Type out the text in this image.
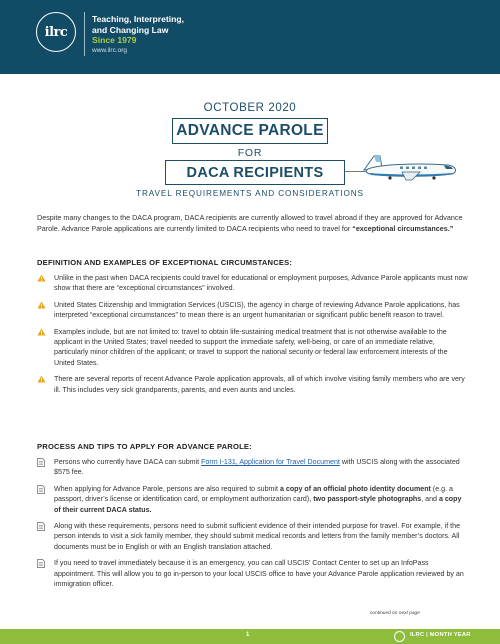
ilrc
Teaching, Interpreting,
and Changing Law
Since 1979
www.ilrc.org
OCTOBER 2020
ADVANCE PAROLE
FOR
DACA RECIPIENTS
TRAVEL REQUIREMENTS AND CONSIDERATIONS

Despite many changes to the DACA program, DACA recipients are currently allowed to travel abroad if they are approved for Advance Parole. Advance Parole applications are currently limited to DACA recipients who need to travel for “exceptional circumstances.”

DEFINITION AND EXAMPLES OF EXCEPTIONAL CIRCUMSTANCES:
Unlike in the past when DACA recipients could travel for educational or employment purposes, Advance Parole applicants must now show that there are “exceptional circumstances” involved.
United States Citizenship and Immigration Services (USCIS), the agency in charge of reviewing Advance Parole applications, has interpreted “exceptional circumstances” to mean there is an urgent humanitarian or significant public benefit reason to travel.
Examples include, but are not limited to: travel to obtain life-sustaining medical treatment that is not otherwise available to the applicant in the United States; travel needed to support the immediate safety, well-being, or care of an immediate relative, particularly minor children of the applicant; or travel to support the national security or federal law enforcement interests of the United States.
There are several reports of recent Advance Parole application approvals, all of which involve visiting family members who are very ill. This includes very sick grandparents, parents, and even aunts and uncles.
PROCESS AND TIPS TO APPLY FOR ADVANCE PAROLE:
Persons who currently have DACA can submit Form I-131, Application for Travel Document with USCIS along with the associated $575 fee.
When applying for Advance Parole, persons are also required to submit a copy of an official photo identity document (e.g. a passport, driver’s license or identification card, or employment authorization card), two passport-style photographs, and a copy of their current DACA status.
Along with these requirements, persons need to submit sufficient evidence of their intended purpose for travel. For example, if the person intends to visit a sick family member, they should submit medical records and letters from the family member’s doctors. All documents must be in English or with an English translation attached.
If you need to travel immediately because it is an emergency, you can call USCIS’ Contact Center to set up an InfoPass appointment. This will allow you to go in-person to your local USCIS office to have your Advance Parole application reviewed by an immigration officer.
continued on next page
1	ILRC | MONTH YEAR
